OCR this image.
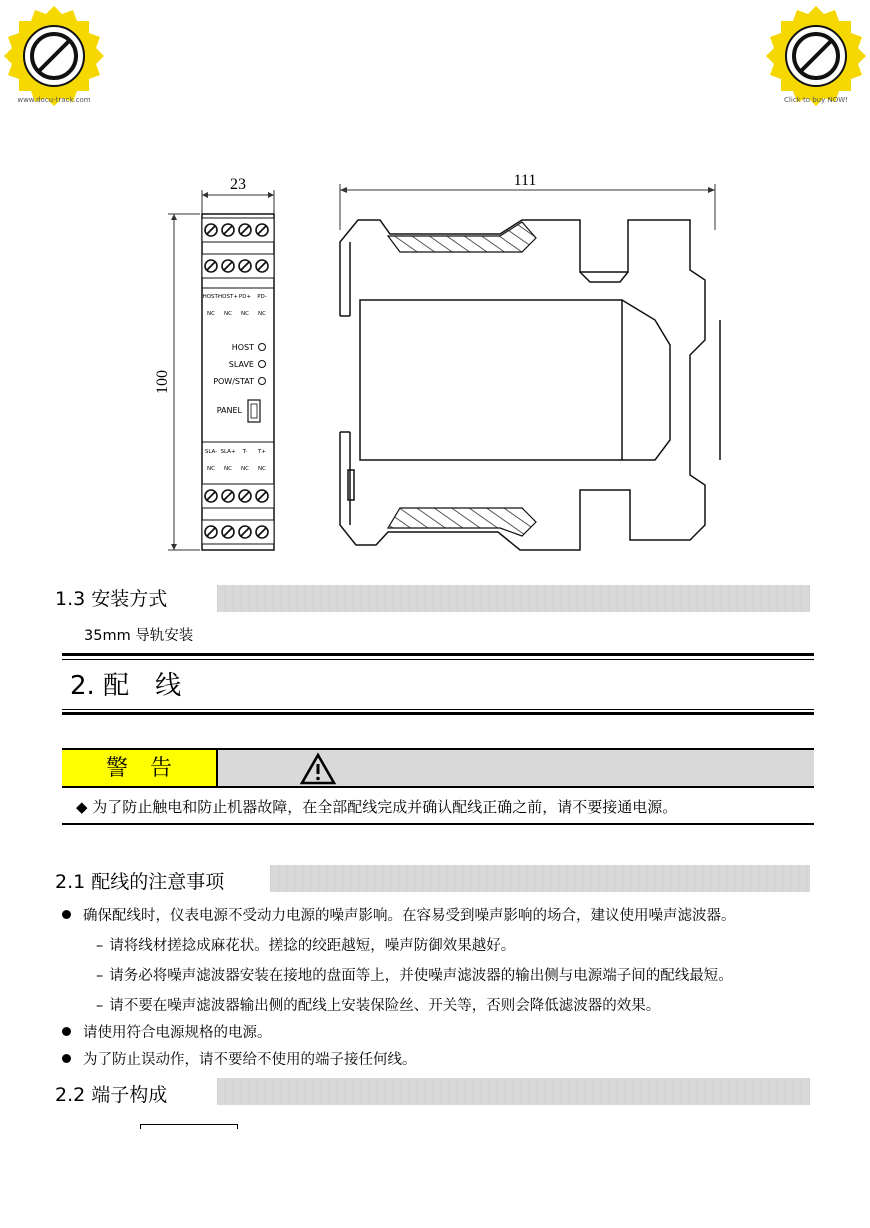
www.docu-track.com	Click to buy NOW!
23
100
HOST-
HOST+ PD+ PD-
NC NC NC NC
SLA- SLA+ T- T+
NC NC NC NC
HOST
SLAVE
POW/STAT
PANEL
111
1.3 安装方式
35mm 导轨安装
2. 配　线
警　告
◆ 为了防止触电和防止机器故障，在全部配线完成并确认配线正确之前，请不要接通电源。
2.1 配线的注意事项
确保配线时，仪表电源不受动力电源的噪声影响。在容易受到噪声影响的场合，建议使用噪声滤波器。
– 请将线材搓捻成麻花状。搓捻的绞距越短，噪声防御效果越好。
– 请务必将噪声滤波器安装在接地的盘面等上，并使噪声滤波器的输出侧与电源端子间的配线最短。
– 请不要在噪声滤波器输出侧的配线上安装保险丝、开关等，否则会降低滤波器的效果。
请使用符合电源规格的电源。
为了防止误动作，请不要给不使用的端子接任何线。
2.2 端子构成
